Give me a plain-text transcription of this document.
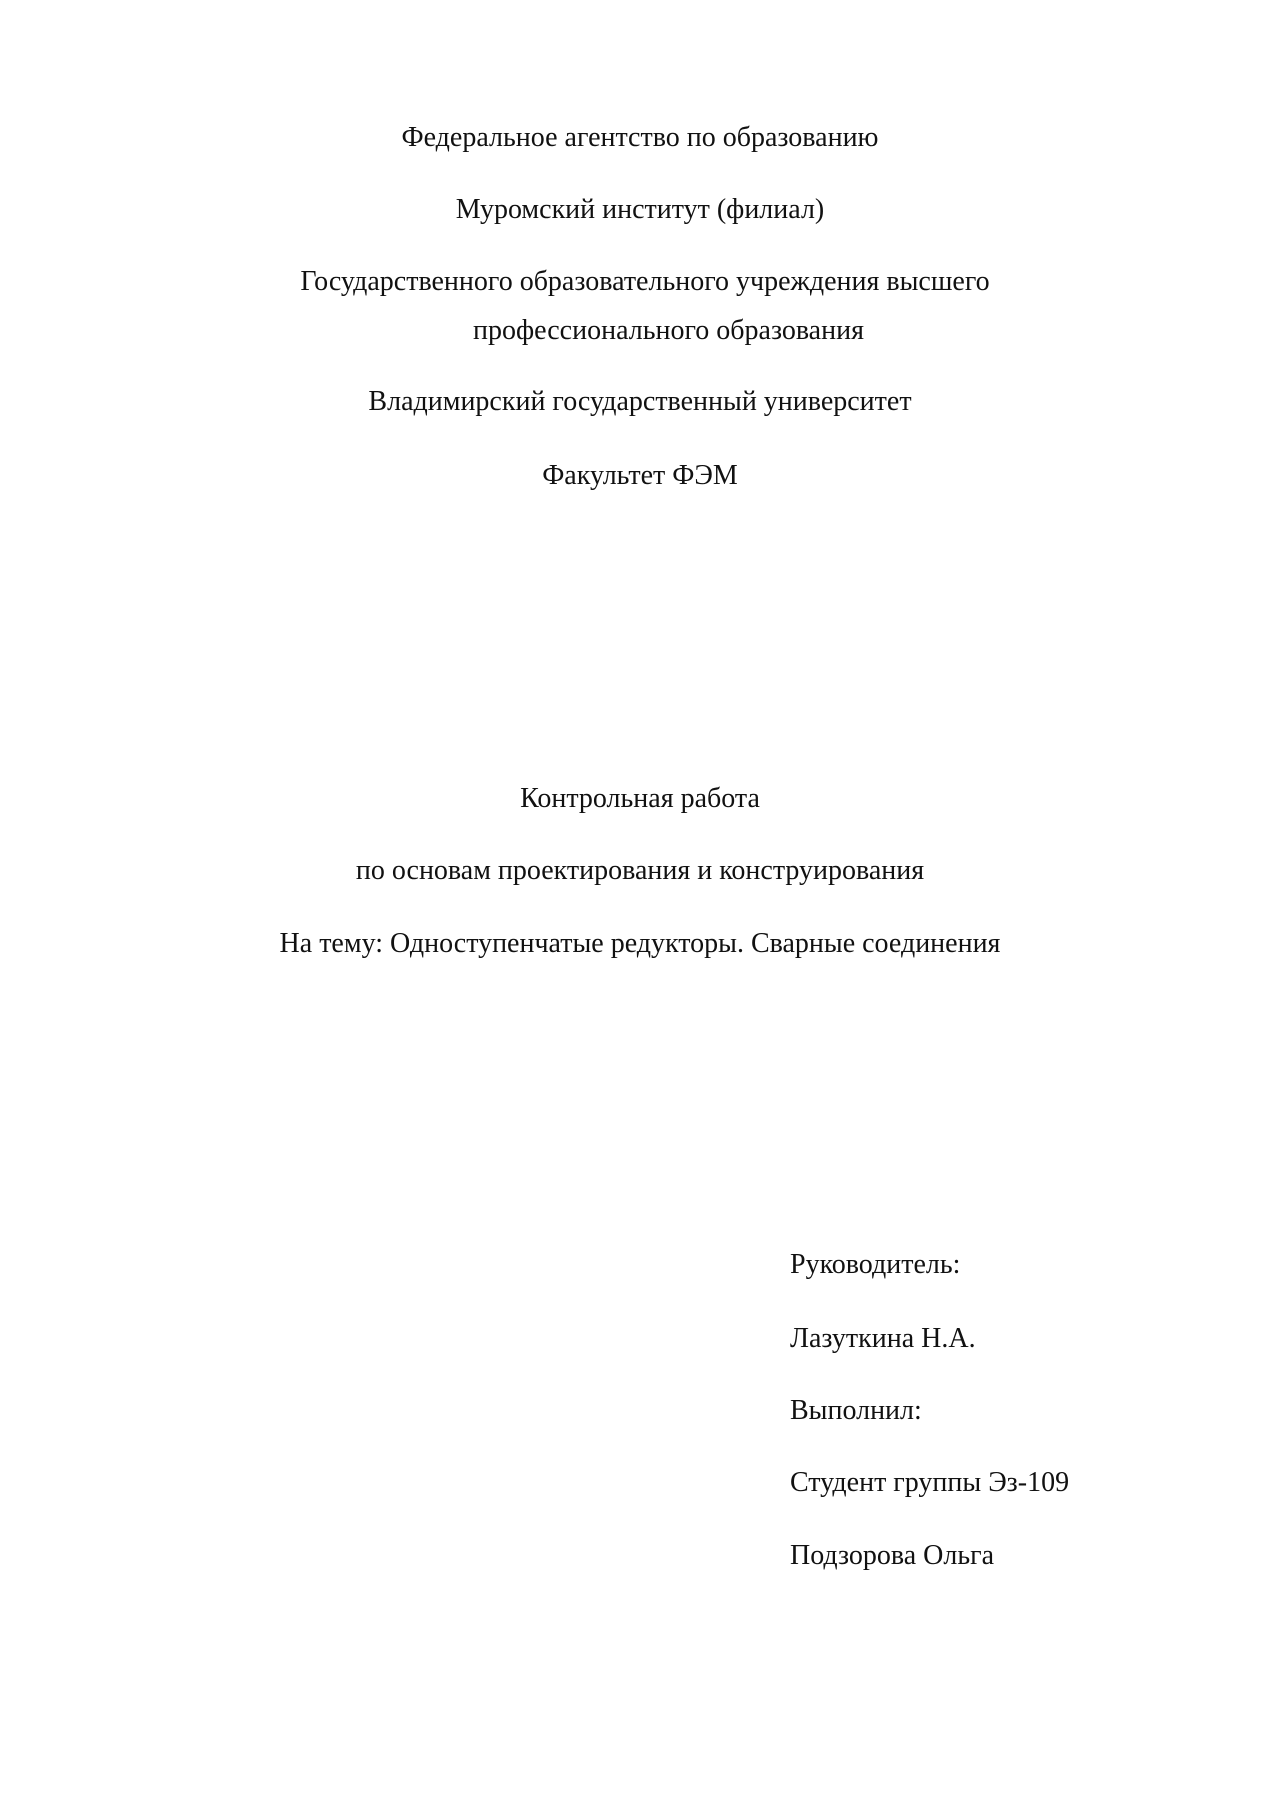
Федеральное агентство по образованию

Муромский институт (филиал)

Государственного образовательного учреждения высшего

профессионального образования

Владимирский государственный университет

Факультет ФЭМ

Контрольная работа

по основам проектирования и конструирования

На тему: Одноступенчатые редукторы. Сварные соединения

Руководитель:

Лазуткина Н.А.

Выполнил:

Студент группы Эз-109

Подзорова Ольга
